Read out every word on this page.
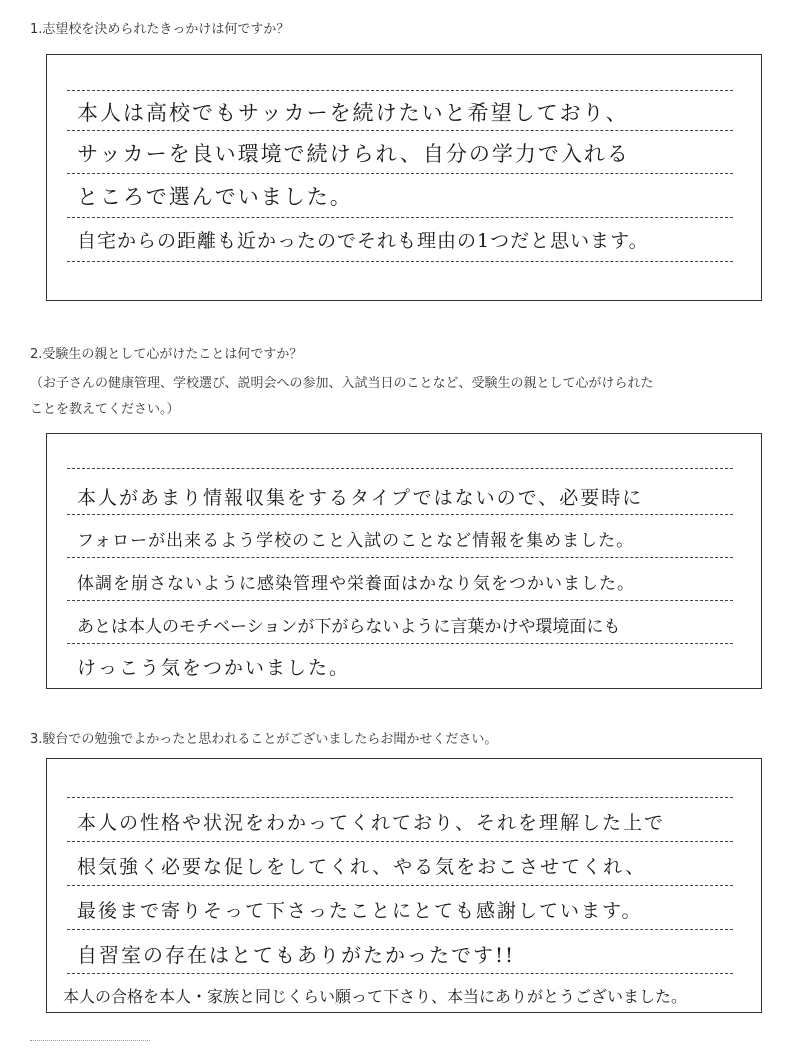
1.志望校を決められたきっかけは何ですか？
本人は高校でもサッカーを続けたいと希望しており、
サッカーを良い環境で続けられ、自分の学力で入れる
ところで選んでいました。
自宅からの距離も近かったのでそれも理由の1つだと思います。
2.受験生の親として心がけたことは何ですか？
（お子さんの健康管理、学校選び、説明会への参加、入試当日のことなど、受験生の親として心がけられた
ことを教えてください。）
本人があまり情報収集をするタイプではないので、必要時に
フォローが出来るよう学校のこと入試のことなど情報を集めました。
体調を崩さないように感染管理や栄養面はかなり気をつかいました。
あとは本人のモチベーションが下がらないように言葉かけや環境面にも
けっこう気をつかいました。
3.駿台での勉強でよかったと思われることがございましたらお聞かせください。
本人の性格や状況をわかってくれており、それを理解した上で
根気強く必要な促しをしてくれ、やる気をおこさせてくれ、
最後まで寄りそって下さったことにとても感謝しています。
自習室の存在はとてもありがたかったです!!
本人の合格を本人・家族と同じくらい願って下さり、本当にありがとうございました。
